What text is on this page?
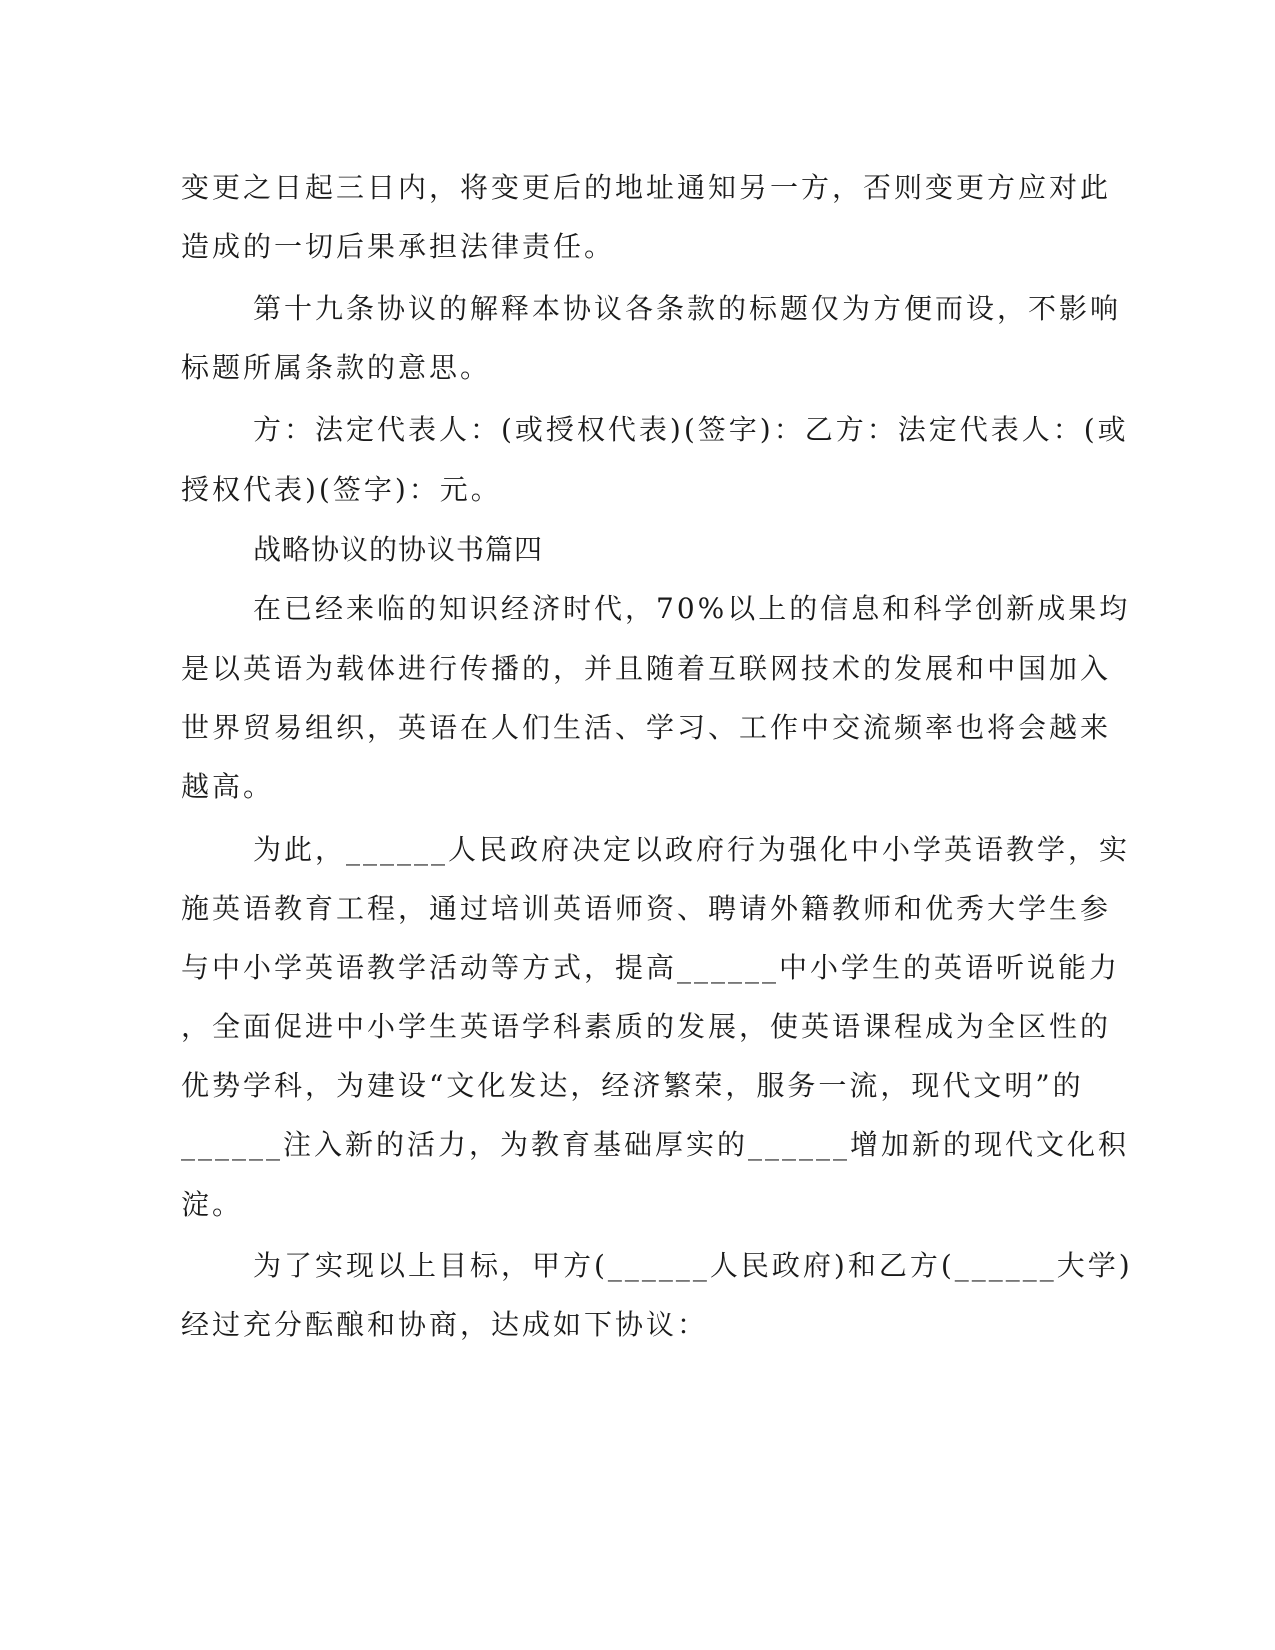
变更之日起三日内，将变更后的地址通知另一方，否则变更方应对此
造成的一切后果承担法律责任。
第十九条协议的解释本协议各条款的标题仅为方便而设，不影响
标题所属条款的意思。
方：法定代表人：(或授权代表)(签字)：乙方：法定代表人：(或
授权代表)(签字)：元。
战略协议的协议书篇四
在已经来临的知识经济时代，70%以上的信息和科学创新成果均
是以英语为载体进行传播的，并且随着互联网技术的发展和中国加入
世界贸易组织，英语在人们生活、学习、工作中交流频率也将会越来
越高。
为此，______人民政府决定以政府行为强化中小学英语教学，实
施英语教育工程，通过培训英语师资、聘请外籍教师和优秀大学生参
与中小学英语教学活动等方式，提高______中小学生的英语听说能力
，全面促进中小学生英语学科素质的发展，使英语课程成为全区性的
优势学科，为建设“文化发达，经济繁荣，服务一流，现代文明”的
______注入新的活力，为教育基础厚实的______增加新的现代文化积
淀。
为了实现以上目标，甲方(______人民政府)和乙方(______大学)
经过充分酝酿和协商，达成如下协议：
